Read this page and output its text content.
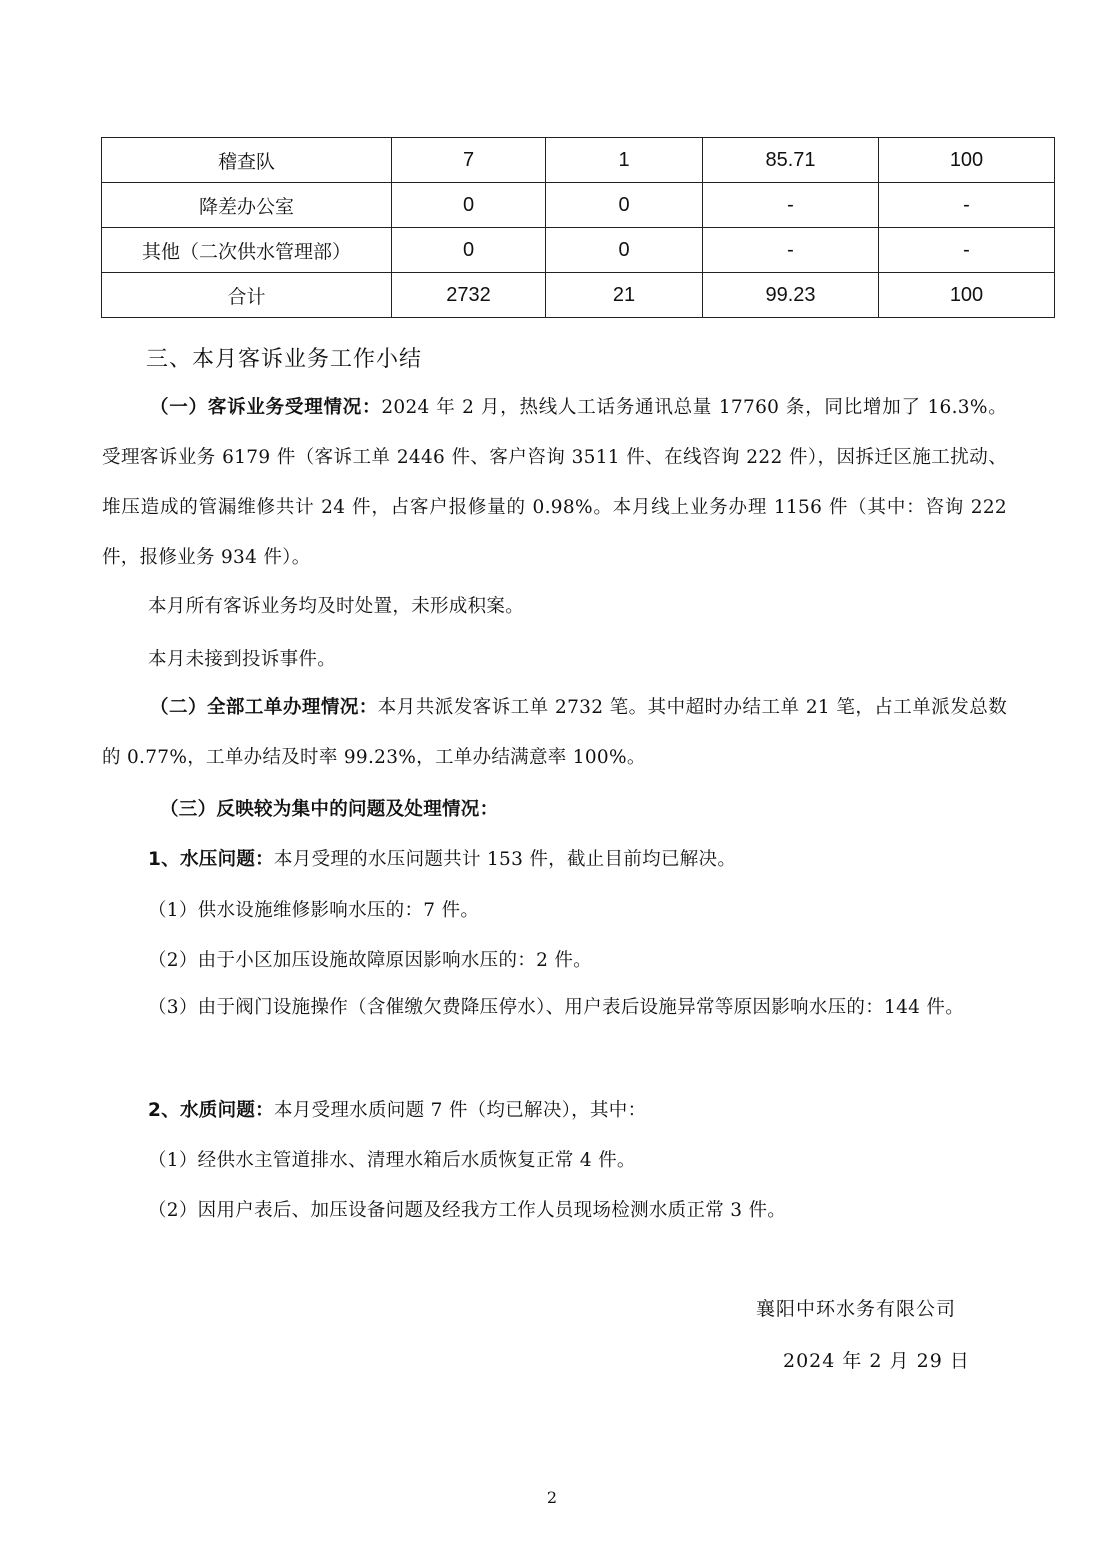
稽查队	7	1	85.71	100
降差办公室	0	0	-	-
其他（二次供水管理部）	0	0	-	-
合计	2732	21	99.23	100
三、本月客诉业务工作小结
（一）客诉业务受理情况：2024 年 2 月，热线人工话务通讯总量 17760 条，同比增加了 16.3%。受理客诉业务 6179 件（客诉工单 2446 件、客户咨询 3511 件、在线咨询 222 件），因拆迁区施工扰动、堆压造成的管漏维修共计 24 件，占客户报修量的 0.98%。本月线上业务办理 1156 件（其中：咨询 222 件，报修业务 934 件）。
本月所有客诉业务均及时处置，未形成积案。
本月未接到投诉事件。
（二）全部工单办理情况：本月共派发客诉工单 2732 笔。其中超时办结工单 21 笔，占工单派发总数的 0.77%，工单办结及时率 99.23%，工单办结满意率 100%。
（三）反映较为集中的问题及处理情况：
1、水压问题：本月受理的水压问题共计 153 件，截止目前均已解决。
（1）供水设施维修影响水压的：7 件。
（2）由于小区加压设施故障原因影响水压的：2 件。
（3）由于阀门设施操作（含催缴欠费降压停水）、用户表后设施异常等原因影响水压的：144 件。
2、水质问题：本月受理水质问题 7 件（均已解决），其中：
（1）经供水主管道排水、清理水箱后水质恢复正常 4 件。
（2）因用户表后、加压设备问题及经我方工作人员现场检测水质正常 3 件。
襄阳中环水务有限公司
2024 年 2 月 29 日
2
